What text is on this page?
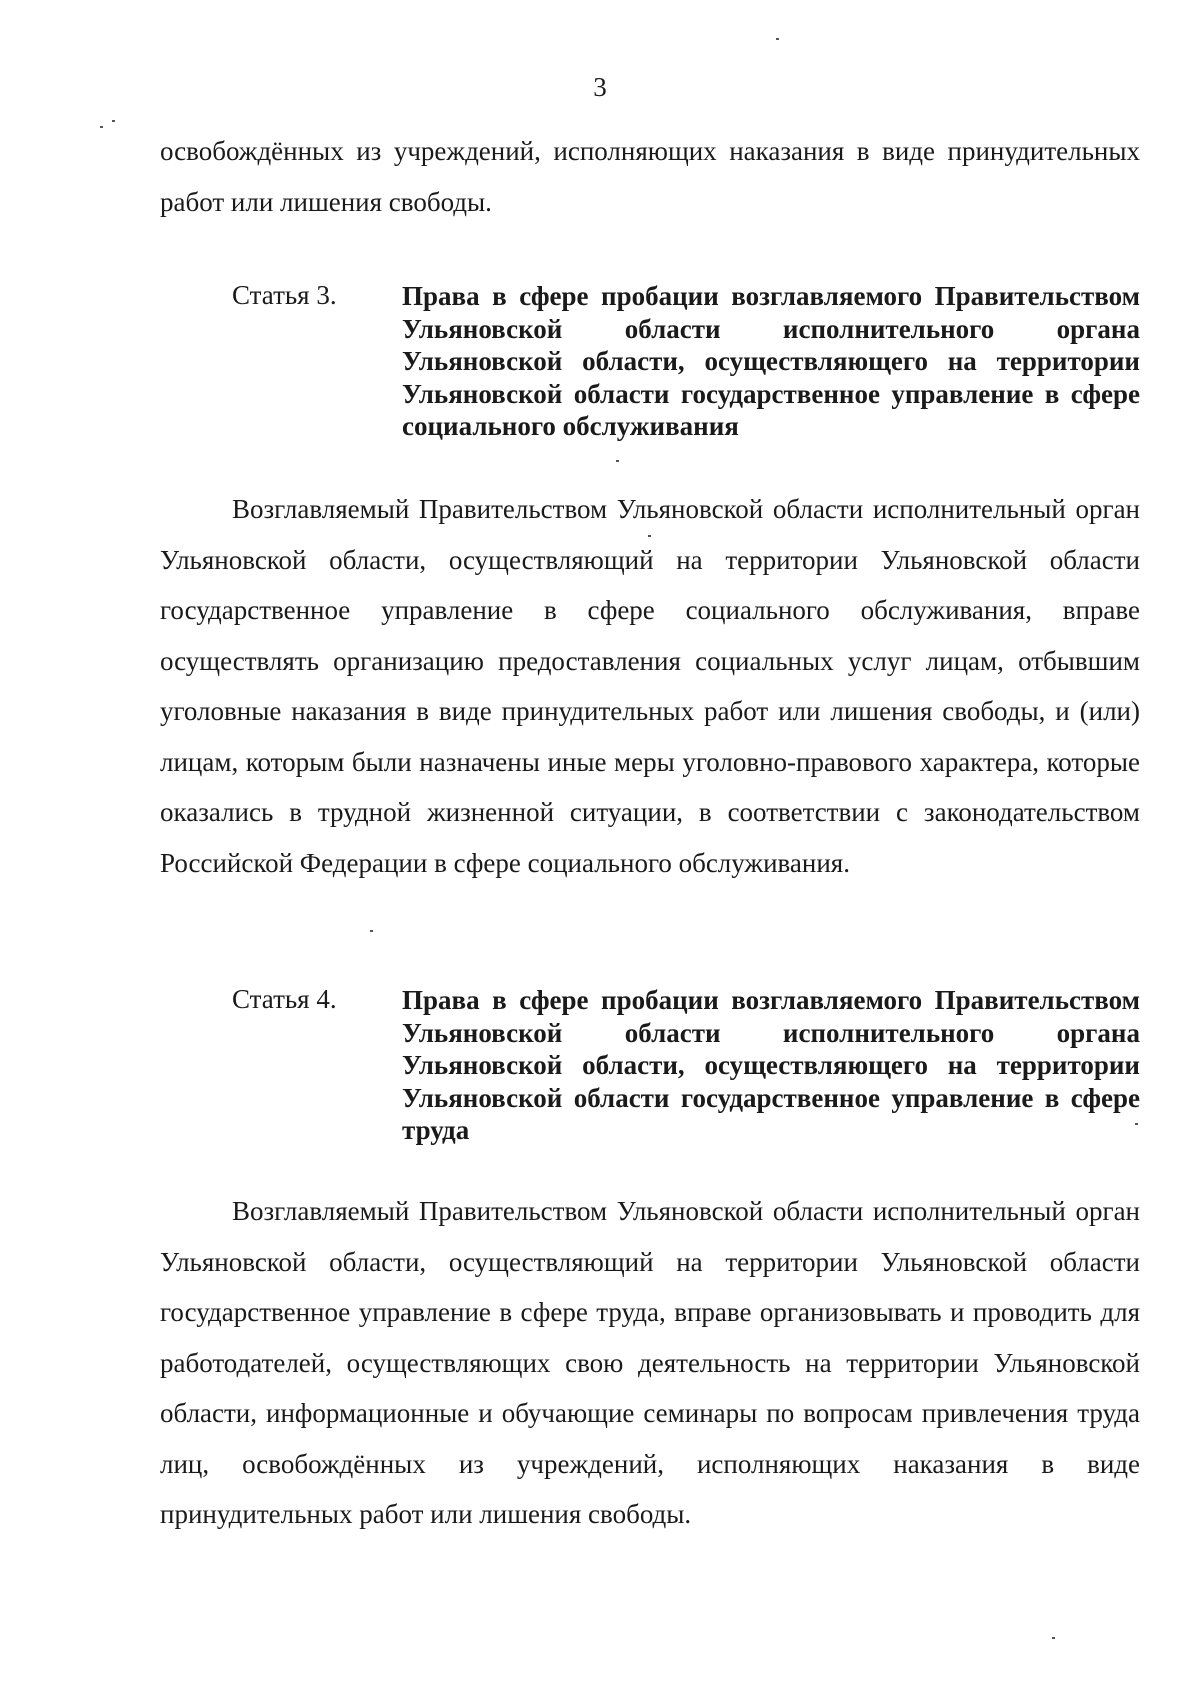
3
освобождённых из учреждений, исполняющих наказания в виде принудительных работ или лишения свободы.
Статья 3. Права в сфере пробации возглавляемого Правительством Ульяновской области исполнительного органа Ульяновской области, осуществляющего на территории Ульяновской области государственное управление в сфере социального обслуживания
Возглавляемый Правительством Ульяновской области исполнительный орган Ульяновской области, осуществляющий на территории Ульяновской области государственное управление в сфере социального обслуживания, вправе осуществлять организацию предоставления социальных услуг лицам, отбывшим уголовные наказания в виде принудительных работ или лишения свободы, и (или) лицам, которым были назначены иные меры уголовно-правового характера, которые оказались в трудной жизненной ситуации, в соответствии с законодательством Российской Федерации в сфере социального обслуживания.
Статья 4. Права в сфере пробации возглавляемого Правительством Ульяновской области исполнительного органа Ульяновской области, осуществляющего на территории Ульяновской области государственное управление в сфере труда
Возглавляемый Правительством Ульяновской области исполнительный орган Ульяновской области, осуществляющий на территории Ульяновской области государственное управление в сфере труда, вправе организовывать и проводить для работодателей, осуществляющих свою деятельность на территории Ульяновской области, информационные и обучающие семинары по вопросам привлечения труда лиц, освобождённых из учреждений, исполняющих наказания в виде принудительных работ или лишения свободы.
